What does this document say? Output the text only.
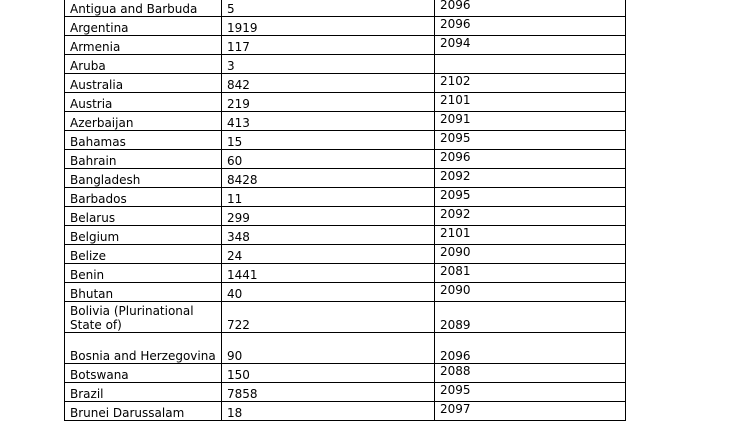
Antigua and Barbuda	5	2096
Argentina	1919	2096
Armenia	117	2094
Aruba	3	
Australia	842	2102
Austria	219	2101
Azerbaijan	413	2091
Bahamas	15	2095
Bahrain	60	2096
Bangladesh	8428	2092
Barbados	11	2095
Belarus	299	2092
Belgium	348	2101
Belize	24	2090
Benin	1441	2081
Bhutan	40	2090
Bolivia (Plurinational State of)	722	2089
Bosnia and Herzegovina	90	2096
Botswana	150	2088
Brazil	7858	2095
Brunei Darussalam	18	2097
